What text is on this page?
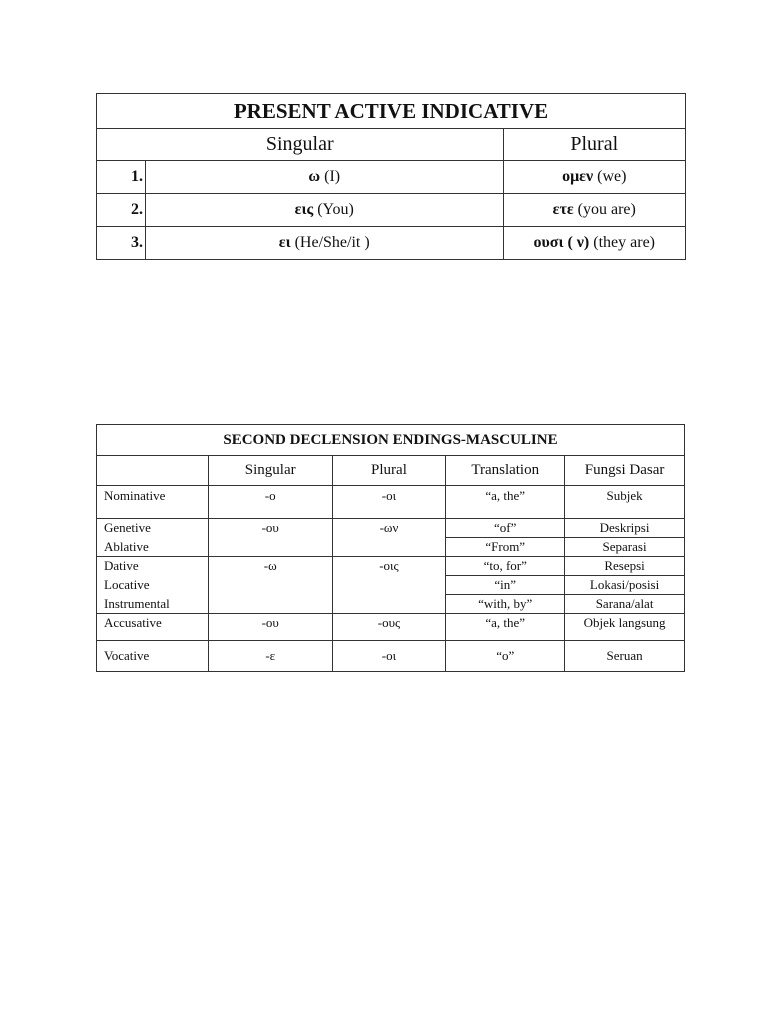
PRESENT ACTIVE INDICATIVE		
Singular		Plural
1.	ω (I)	ομεν (we)
2.	εις (You)	ετε (you are)
3.	ει (He/She/it )	ουσι ( ν) (they are)
SECOND DECLENSION ENDINGS-MASCULINE				
	Singular	Plural	Translation	Fungsi Dasar
Nominative	-ο	-οι	“a, the”	Subjek
Genetive	-ου	-ων	“of”	Deskripsi
Ablative			“From”	Separasi
Dative	-ω	-οις	“to, for”	Resepsi
Locative			“in”	Lokasi/posisi
Instrumental			“with, by”	Sarana/alat
Accusative	-ου	-ους	“a, the”	Objek langsung
Vocative	-ε	-οι	“o”	Seruan
